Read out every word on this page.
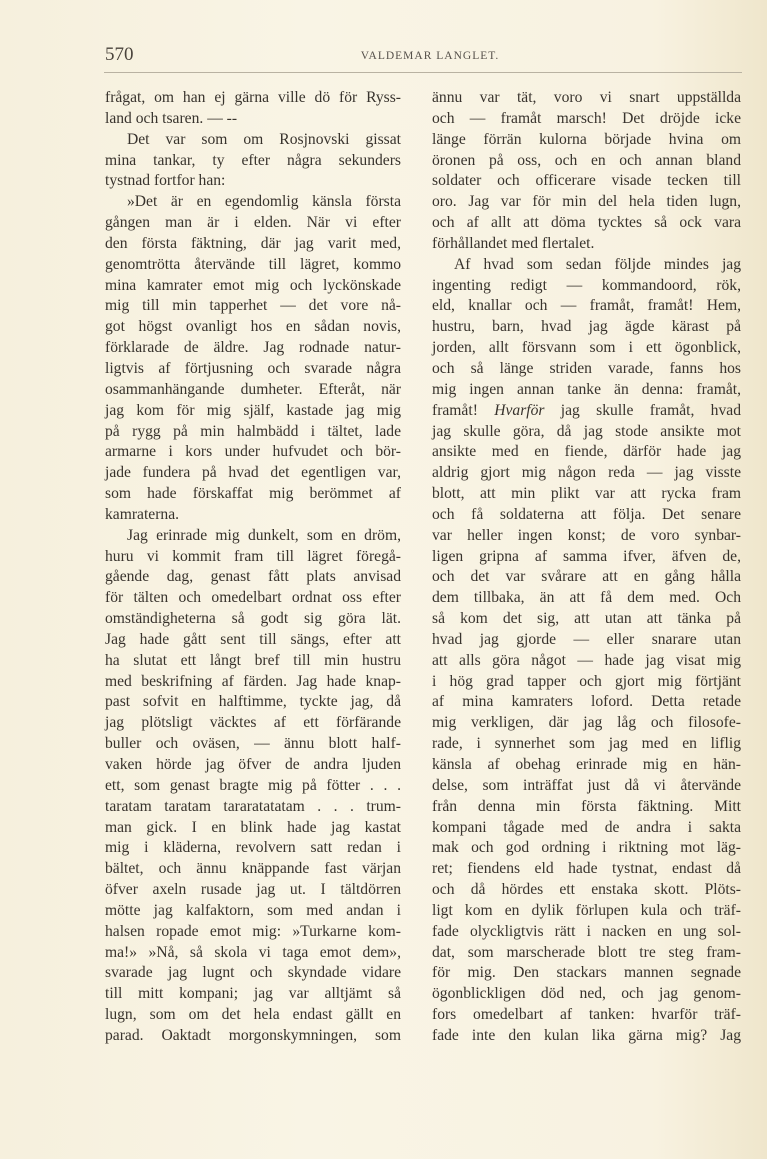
570	VALDEMAR LANGLET.
frågat, om han ej gärna ville dö för Ryss-
land och tsaren. — --
Det var som om Rosjnovski gissat
mina tankar, ty efter några sekunders
tystnad fortfor han:
»Det är en egendomlig känsla första
gången man är i elden. När vi efter
den första fäktning, där jag varit med,
genomtrötta återvände till lägret, kommo
mina kamrater emot mig och lyckönskade
mig till min tapperhet — det vore nå-
got högst ovanligt hos en sådan novis,
förklarade de äldre. Jag rodnade natur-
ligtvis af förtjusning och svarade några
osammanhängande dumheter. Efteråt, när
jag kom för mig själf, kastade jag mig
på rygg på min halmbädd i tältet, lade
armarne i kors under hufvudet och bör-
jade fundera på hvad det egentligen var,
som hade förskaffat mig berömmet af
kamraterna.
Jag erinrade mig dunkelt, som en dröm,
huru vi kommit fram till lägret föregå-
gående dag, genast fått plats anvisad
för tälten och omedelbart ordnat oss efter
omständigheterna så godt sig göra lät.
Jag hade gått sent till sängs, efter att
ha slutat ett långt bref till min hustru
med beskrifning af färden. Jag hade knap-
past sofvit en halftimme, tyckte jag, då
jag plötsligt väcktes af ett förfärande
buller och oväsen, — ännu blott half-
vaken hörde jag öfver de andra ljuden
ett, som genast bragte mig på fötter . . .
taratam taratam tararatatatam . . . trum-
man gick. I en blink hade jag kastat
mig i kläderna, revolvern satt redan i
bältet, och ännu knäppande fast värjan
öfver axeln rusade jag ut. I tältdörren
mötte jag kalfaktorn, som med andan i
halsen ropade emot mig: »Turkarne kom-
ma!» »Nå, så skola vi taga emot dem»,
svarade jag lugnt och skyndade vidare
till mitt kompani; jag var alltjämt så
lugn, som om det hela endast gällt en
parad. Oaktadt morgonskymningen, som
ännu var tät, voro vi snart uppställda
och — framåt marsch! Det dröjde icke
länge förrän kulorna började hvina om
öronen på oss, och en och annan bland
soldater och officerare visade tecken till
oro. Jag var för min del hela tiden lugn,
och af allt att döma tycktes så ock vara
förhållandet med flertalet.
Af hvad som sedan följde mindes jag
ingenting redigt — kommandoord, rök,
eld, knallar och — framåt, framåt! Hem,
hustru, barn, hvad jag ägde kärast på
jorden, allt försvann som i ett ögonblick,
och så länge striden varade, fanns hos
mig ingen annan tanke än denna: framåt,
framåt! Hvarför jag skulle framåt, hvad
jag skulle göra, då jag stode ansikte mot
ansikte med en fiende, därför hade jag
aldrig gjort mig någon reda — jag visste
blott, att min plikt var att rycka fram
och få soldaterna att följa. Det senare
var heller ingen konst; de voro synbar-
ligen gripna af samma ifver, äfven de,
och det var svårare att en gång hålla
dem tillbaka, än att få dem med. Och
så kom det sig, att utan att tänka på
hvad jag gjorde — eller snarare utan
att alls göra något — hade jag visat mig
i hög grad tapper och gjort mig förtjänt
af mina kamraters loford. Detta retade
mig verkligen, där jag låg och filosofe-
rade, i synnerhet som jag med en liflig
känsla af obehag erinrade mig en hän-
delse, som inträffat just då vi återvände
från denna min första fäktning. Mitt
kompani tågade med de andra i sakta
mak och god ordning i riktning mot läg-
ret; fiendens eld hade tystnat, endast då
och då hördes ett enstaka skott. Plöts-
ligt kom en dylik förlupen kula och träf-
fade olyckligtvis rätt i nacken en ung sol-
dat, som marscherade blott tre steg fram-
för mig. Den stackars mannen segnade
ögonblickligen död ned, och jag genom-
fors omedelbart af tanken: hvarför träf-
fade inte den kulan lika gärna mig? Jag
